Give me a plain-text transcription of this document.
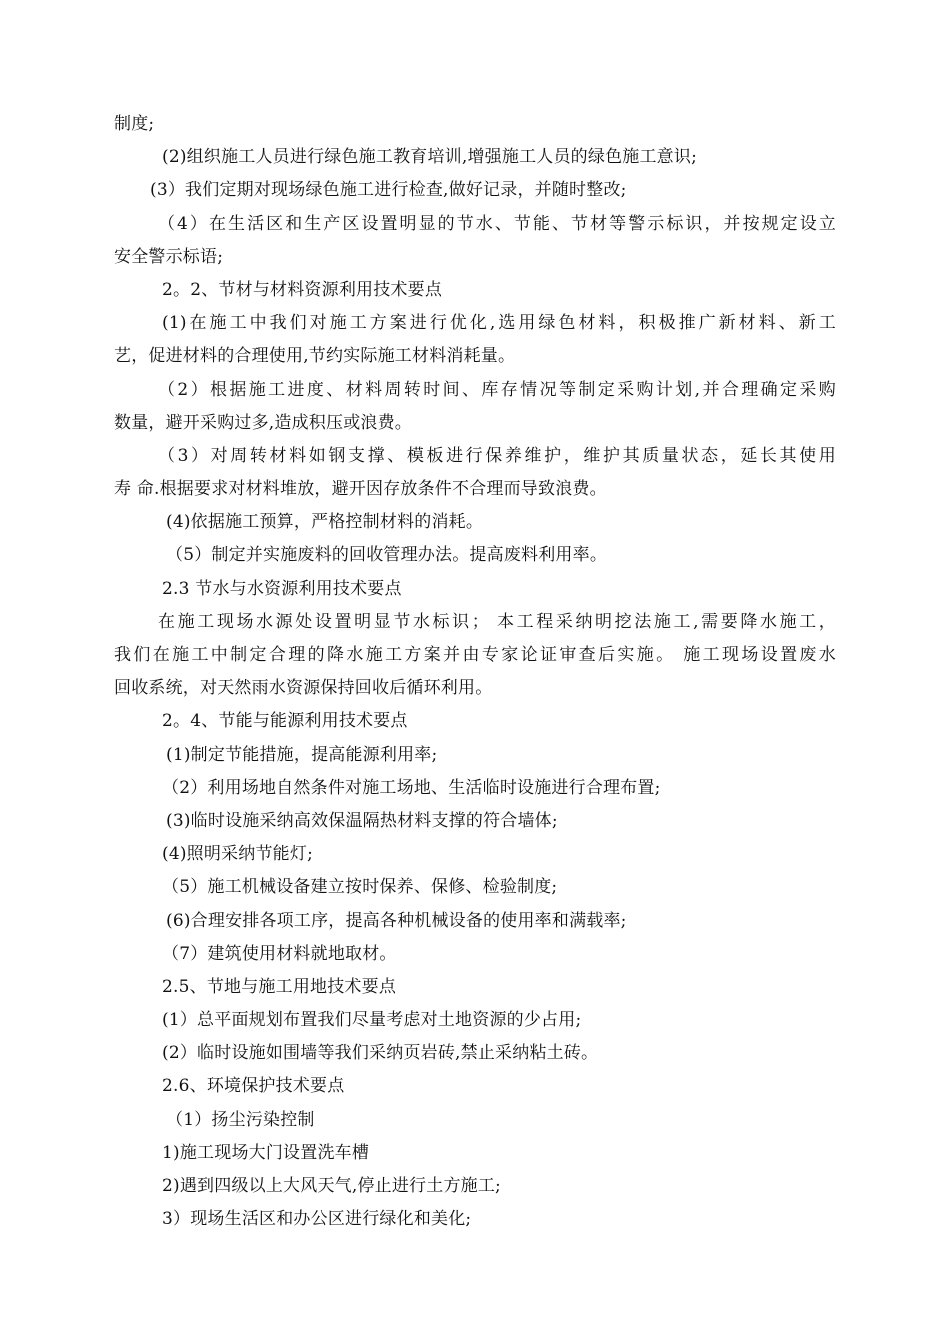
制度;
(2)组织施工人员进行绿色施工教育培训,增强施工人员的绿色施工意识;
(3）我们定期对现场绿色施工进行检查,做好记录，并随时整改;
（4）在生活区和生产区设置明显的节水、节能、节材等警示标识，并按规定设立
安全警示标语;
2。2、节材与材料资源利用技术要点
(1)在施工中我们对施工方案进行优化,选用绿色材料，积极推广新材料、新工
艺，促进材料的合理使用,节约实际施工材料消耗量。
（2）根据施工进度、材料周转时间、库存情况等制定采购计划,并合理确定采购
数量，避开采购过多,造成积压或浪费。
（3）对周转材料如钢支撑、模板进行保养维护，维护其质量状态，延长其使用
寿 命.根据要求对材料堆放，避开因存放条件不合理而导致浪费。
(4)依据施工预算，严格控制材料的消耗。
（5）制定并实施废料的回收管理办法。提高废料利用率。
2.3 节水与水资源利用技术要点
在施工现场水源处设置明显节水标识； 本工程采纳明挖法施工,需要降水施工，
我们在施工中制定合理的降水施工方案并由专家论证审查后实施。 施工现场设置废水
回收系统，对天然雨水资源保持回收后循环利用。
2。4、节能与能源利用技术要点
(1)制定节能措施，提高能源利用率;
（2）利用场地自然条件对施工场地、生活临时设施进行合理布置;
(3)临时设施采纳高效保温隔热材料支撑的符合墙体;
(4)照明采纳节能灯;
（5）施工机械设备建立按时保养、保修、检验制度;
(6)合理安排各项工序，提高各种机械设备的使用率和满载率;
（7）建筑使用材料就地取材。
2.5、节地与施工用地技术要点
(1）总平面规划布置我们尽量考虑对土地资源的少占用;
(2）临时设施如围墙等我们采纳页岩砖,禁止采纳粘土砖。
2.6、环境保护技术要点
（1）扬尘污染控制
1)施工现场大门设置洗车槽
2)遇到四级以上大风天气,停止进行土方施工;
3）现场生活区和办公区进行绿化和美化;
